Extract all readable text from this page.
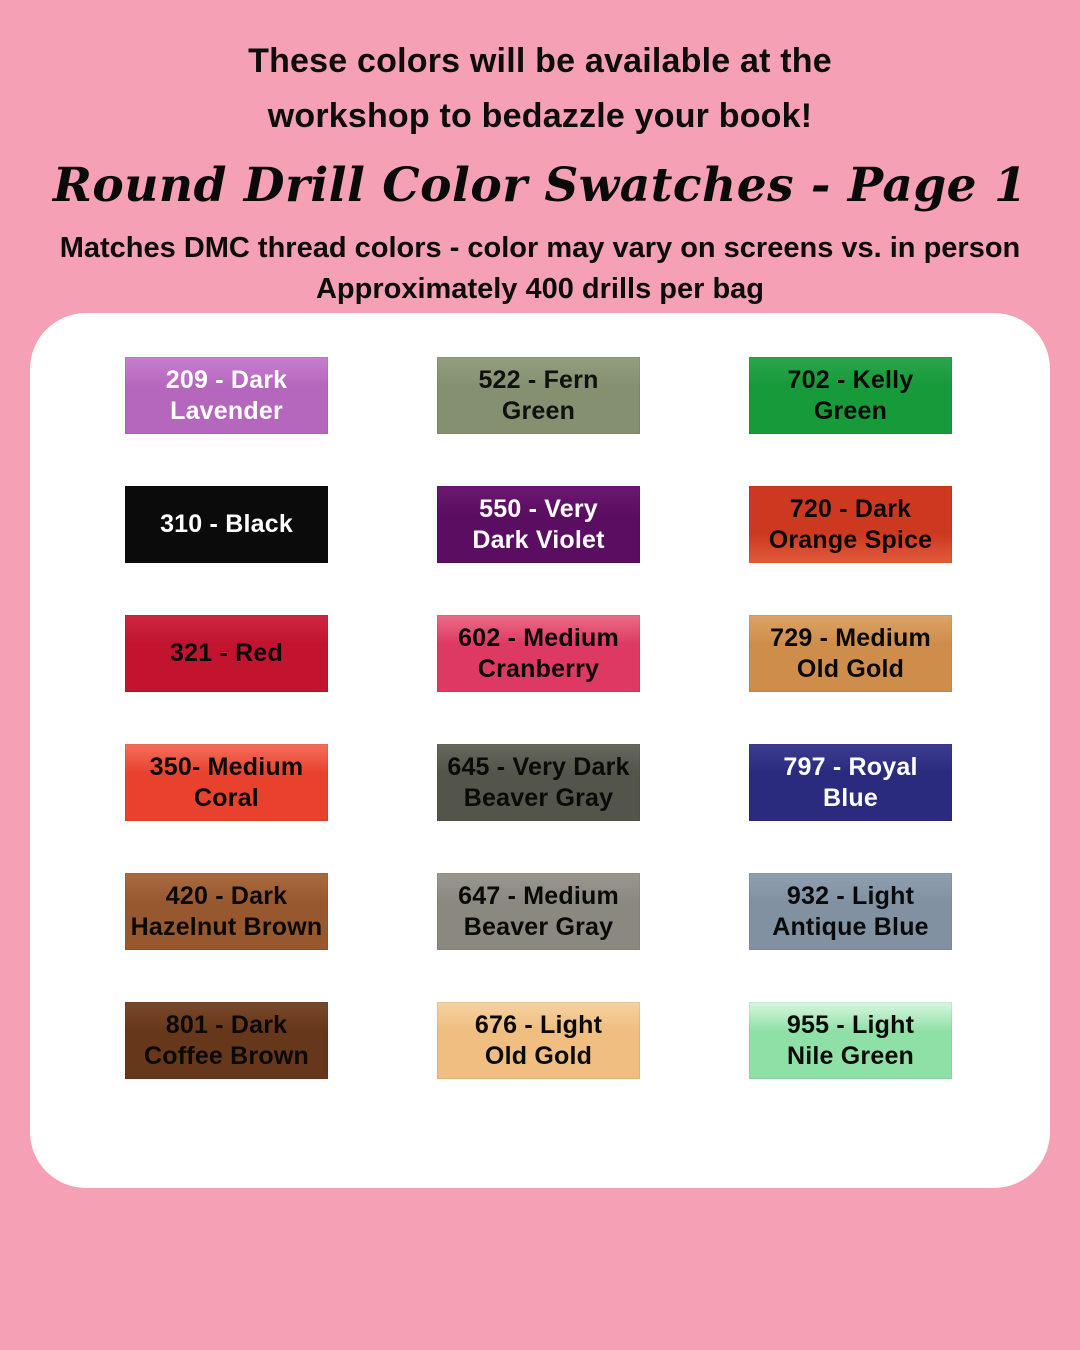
These colors will be available at the
workshop to bedazzle your book!
Round Drill Color Swatches - Page 1
Matches DMC thread colors - color may vary on screens vs. in person
Approximately 400 drills per bag
209 - Dark
Lavender
522 - Fern
Green
702 - Kelly
Green
310 - Black
550 - Very
Dark Violet
720 - Dark
Orange Spice
321 - Red
602 - Medium
Cranberry
729 - Medium
Old Gold
350- Medium
Coral
645 - Very Dark
Beaver Gray
797 - Royal
Blue
420 - Dark
Hazelnut Brown
647 - Medium
Beaver Gray
932 - Light
Antique Blue
801 - Dark
Coffee Brown
676 - Light
Old Gold
955 - Light
Nile Green
